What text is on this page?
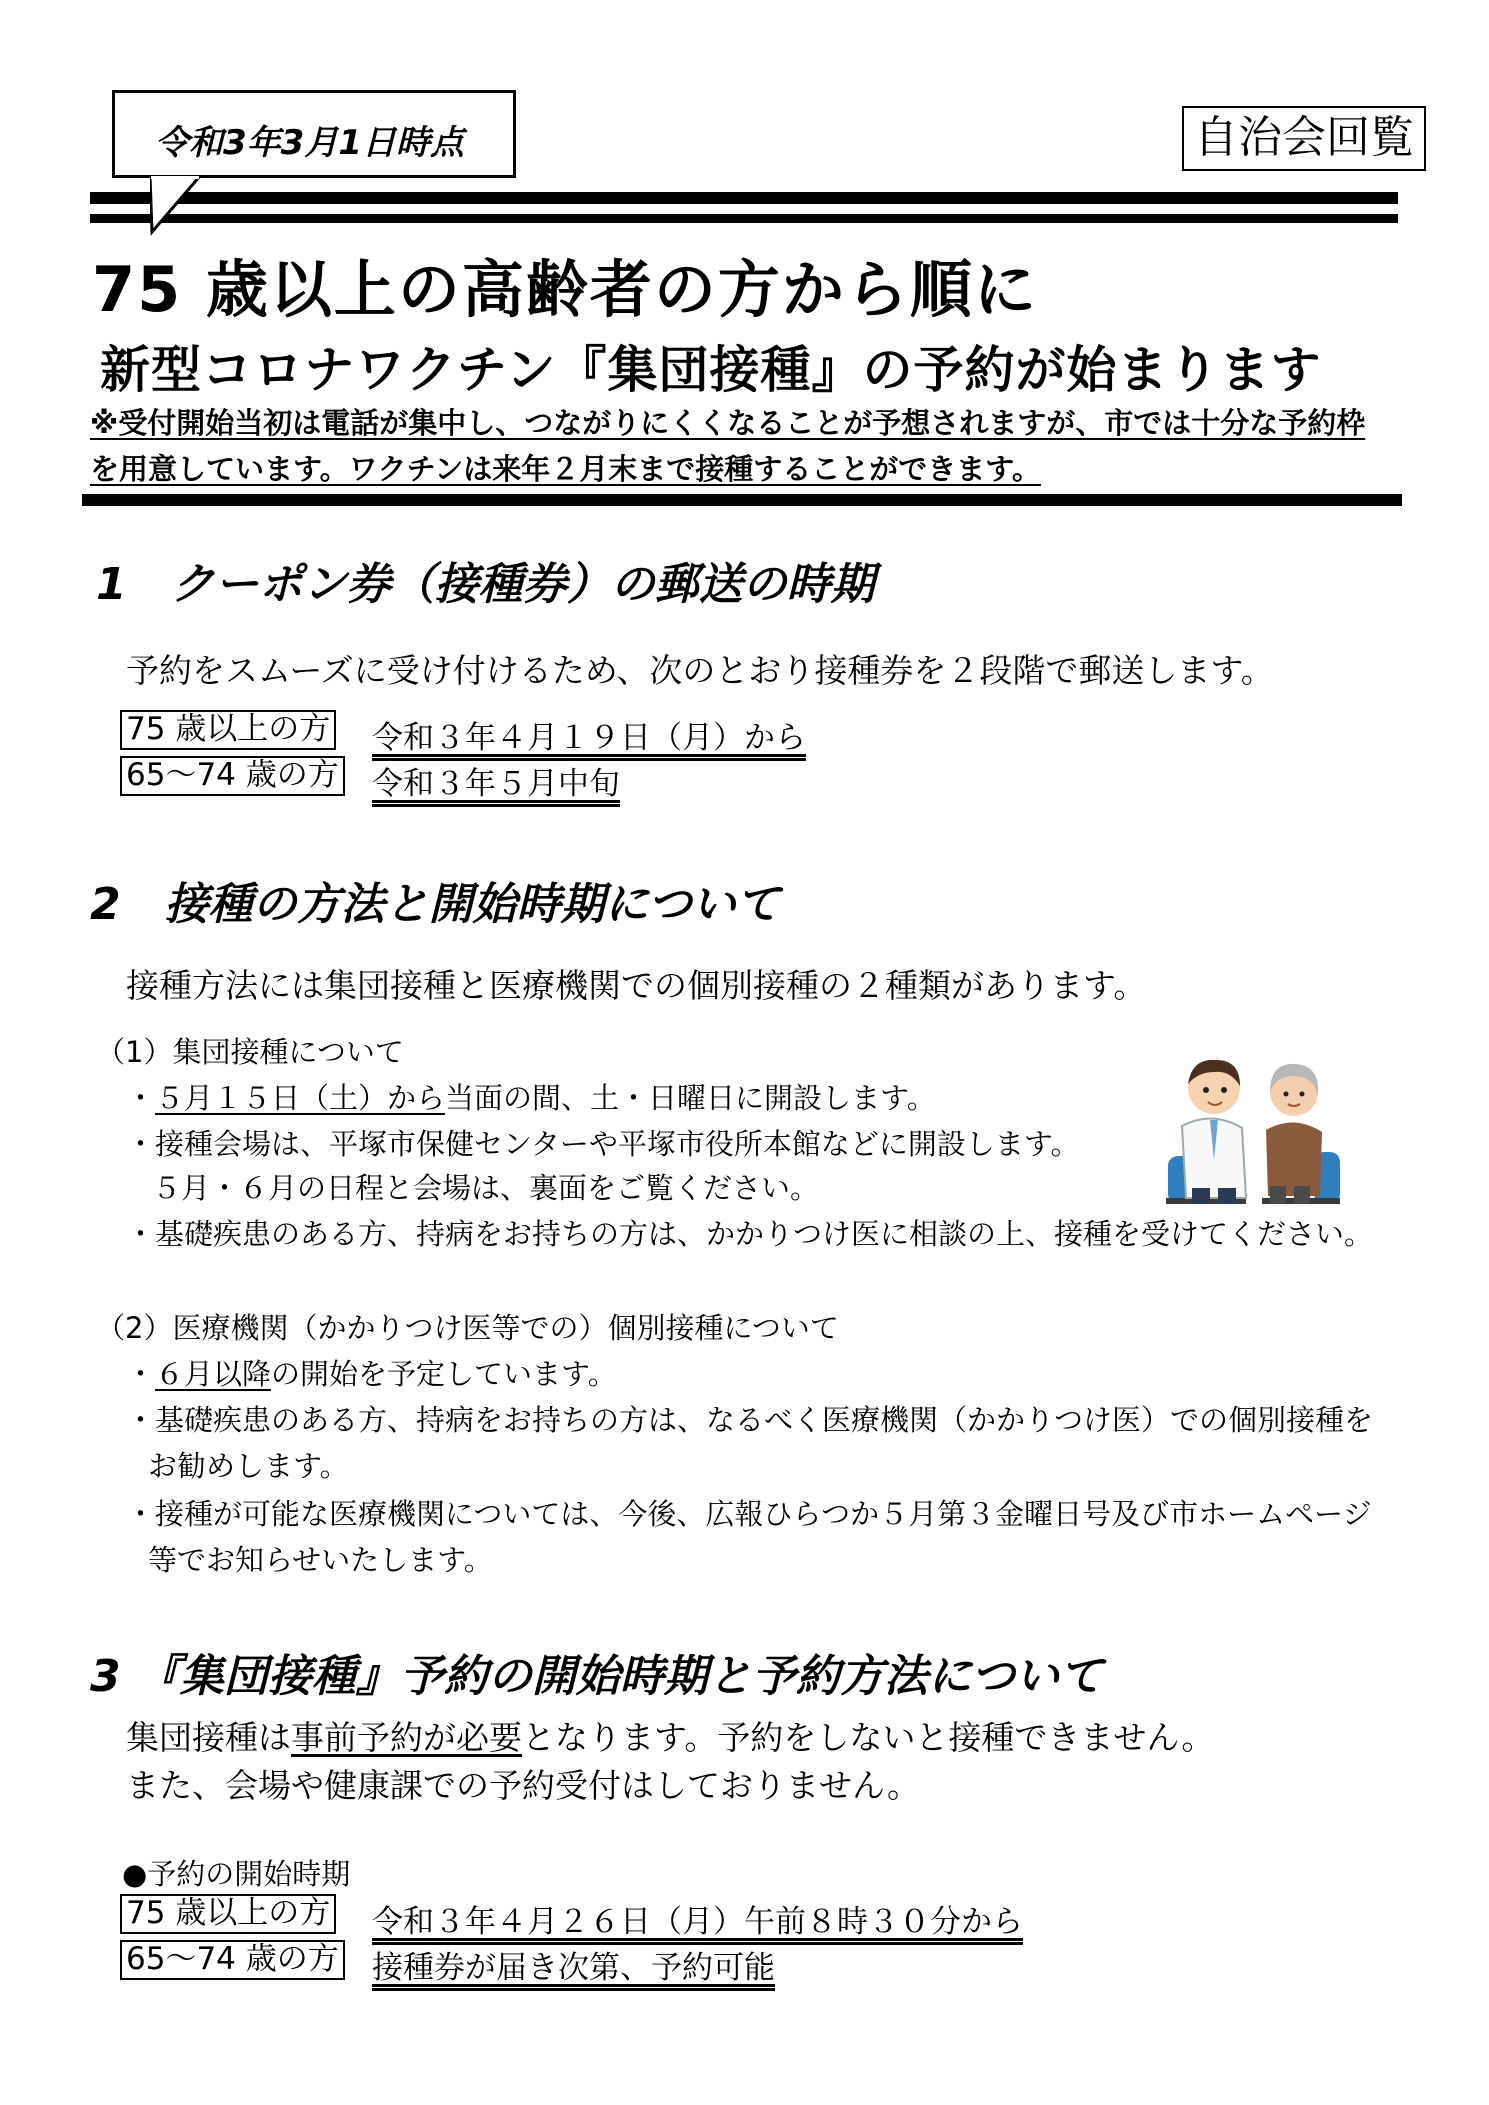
令和3年3月1日時点	自治会回覧
75 歳以上の高齢者の方から順に
新型コロナワクチン『集団接種』の予約が始まります
※受付開始当初は電話が集中し、つながりにくくなることが予想されますが、市では十分な予約枠
を用意しています。ワクチンは来年２月末まで接種することができます。
1　クーポン券（接種券）の郵送の時期
予約をスムーズに受け付けるため、次のとおり接種券を２段階で郵送します。
75 歳以上の方 令和３年４月１９日（月）から
65～74 歳の方 令和３年５月中旬
2　接種の方法と開始時期について
接種方法には集団接種と医療機関での個別接種の２種類があります。
（1）集団接種について
・５月１５日（土）から当面の間、土・日曜日に開設します。
・接種会場は、平塚市保健センターや平塚市役所本館などに開設します。
５月・６月の日程と会場は、裏面をご覧ください。
・基礎疾患のある方、持病をお持ちの方は、かかりつけ医に相談の上、接種を受けてください。
（2）医療機関（かかりつけ医等での）個別接種について
・６月以降の開始を予定しています。
・基礎疾患のある方、持病をお持ちの方は、なるべく医療機関（かかりつけ医）での個別接種を
お勧めします。
・接種が可能な医療機関については、今後、広報ひらつか５月第３金曜日号及び市ホームページ
等でお知らせいたします。
3 『集団接種』予約の開始時期と予約方法について
集団接種は事前予約が必要となります。予約をしないと接種できません。
また、会場や健康課での予約受付はしておりません。
●予約の開始時期
75 歳以上の方 令和３年４月２６日（月）午前８時３０分から
65～74 歳の方 接種券が届き次第、予約可能
